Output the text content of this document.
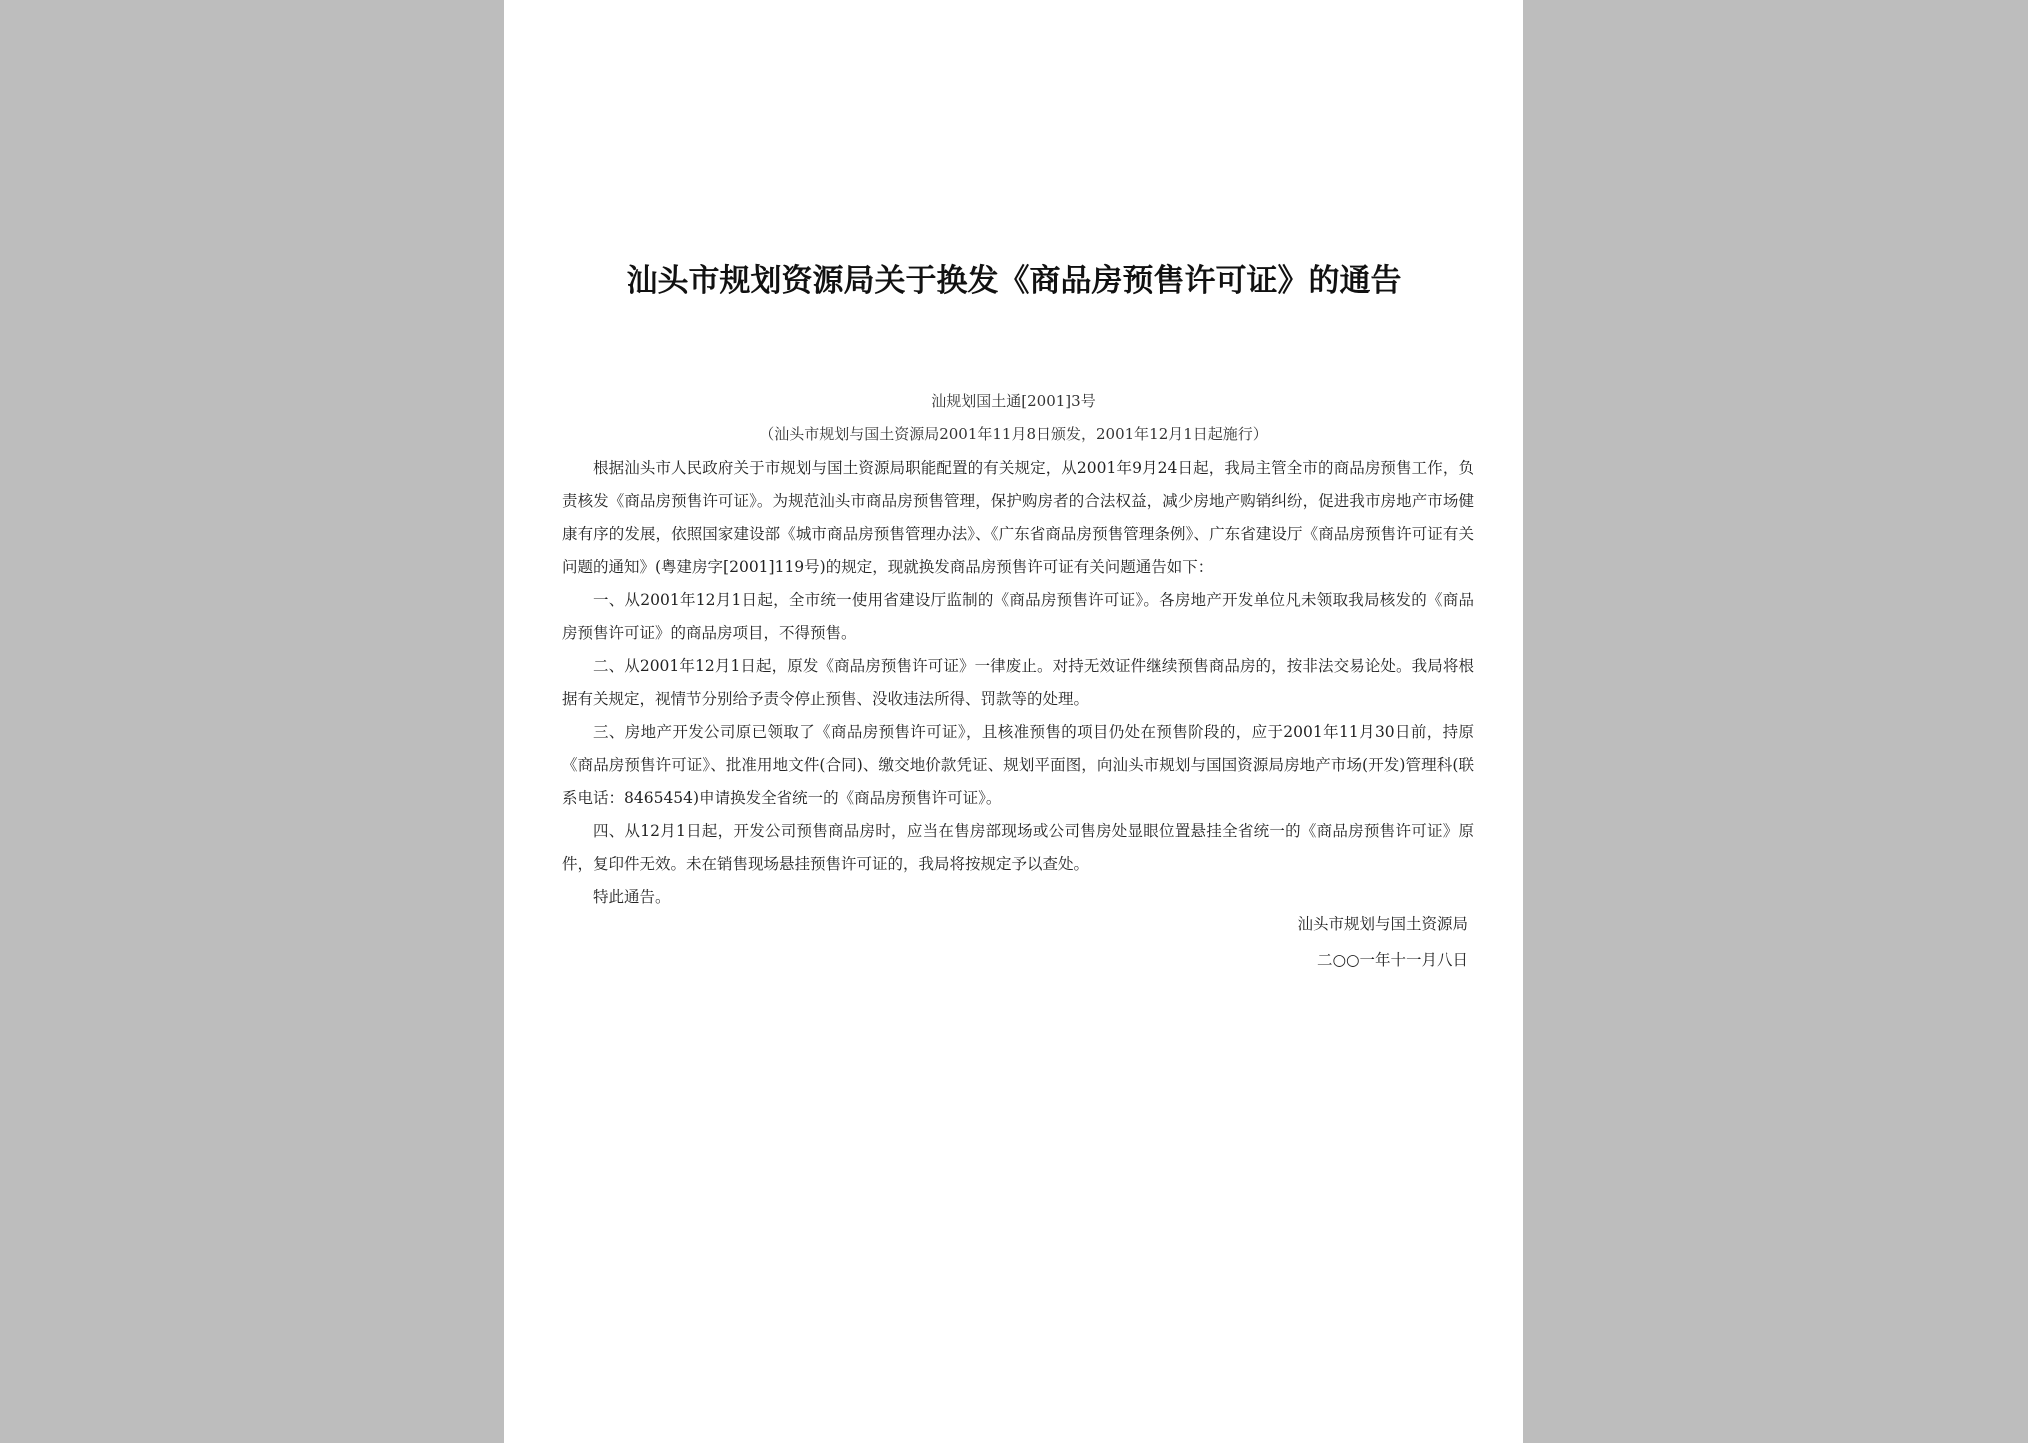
汕头市规划资源局关于换发《商品房预售许可证》的通告
汕规划国土通[2001]3号
（汕头市规划与国土资源局2001年11月8日颁发，2001年12月1日起施行）

根据汕头市人民政府关于市规划与国土资源局职能配置的有关规定，从2001年9月24日起，我局主管全市的商品房预售工作，负责核发《商品房预售许可证》。为规范汕头市商品房预售管理，保护购房者的合法权益，减少房地产购销纠纷，促进我市房地产市场健康有序的发展，依照国家建设部《城市商品房预售管理办法》、《广东省商品房预售管理条例》、广东省建设厅《商品房预售许可证有关问题的通知》(粤建房字[2001]119号)的规定，现就换发商品房预售许可证有关问题通告如下：

一、从2001年12月1日起，全市统一使用省建设厅监制的《商品房预售许可证》。各房地产开发单位凡未领取我局核发的《商品房预售许可证》的商品房项目，不得预售。

二、从2001年12月1日起，原发《商品房预售许可证》一律废止。对持无效证件继续预售商品房的，按非法交易论处。我局将根据有关规定，视情节分别给予责令停止预售、没收违法所得、罚款等的处理。

三、房地产开发公司原已领取了《商品房预售许可证》，且核准预售的项目仍处在预售阶段的，应于2001年11月30日前，持原《商品房预售许可证》、批准用地文件(合同)、缴交地价款凭证、规划平面图，向汕头市规划与国国资源局房地产市场(开发)管理科(联系电话：8465454)申请换发全省统一的《商品房预售许可证》。

四、从12月1日起，开发公司预售商品房时，应当在售房部现场或公司售房处显眼位置悬挂全省统一的《商品房预售许可证》原件，复印件无效。未在销售现场悬挂预售许可证的，我局将按规定予以查处。

特此通告。

汕头市规划与国土资源局
二○○一年十一月八日
